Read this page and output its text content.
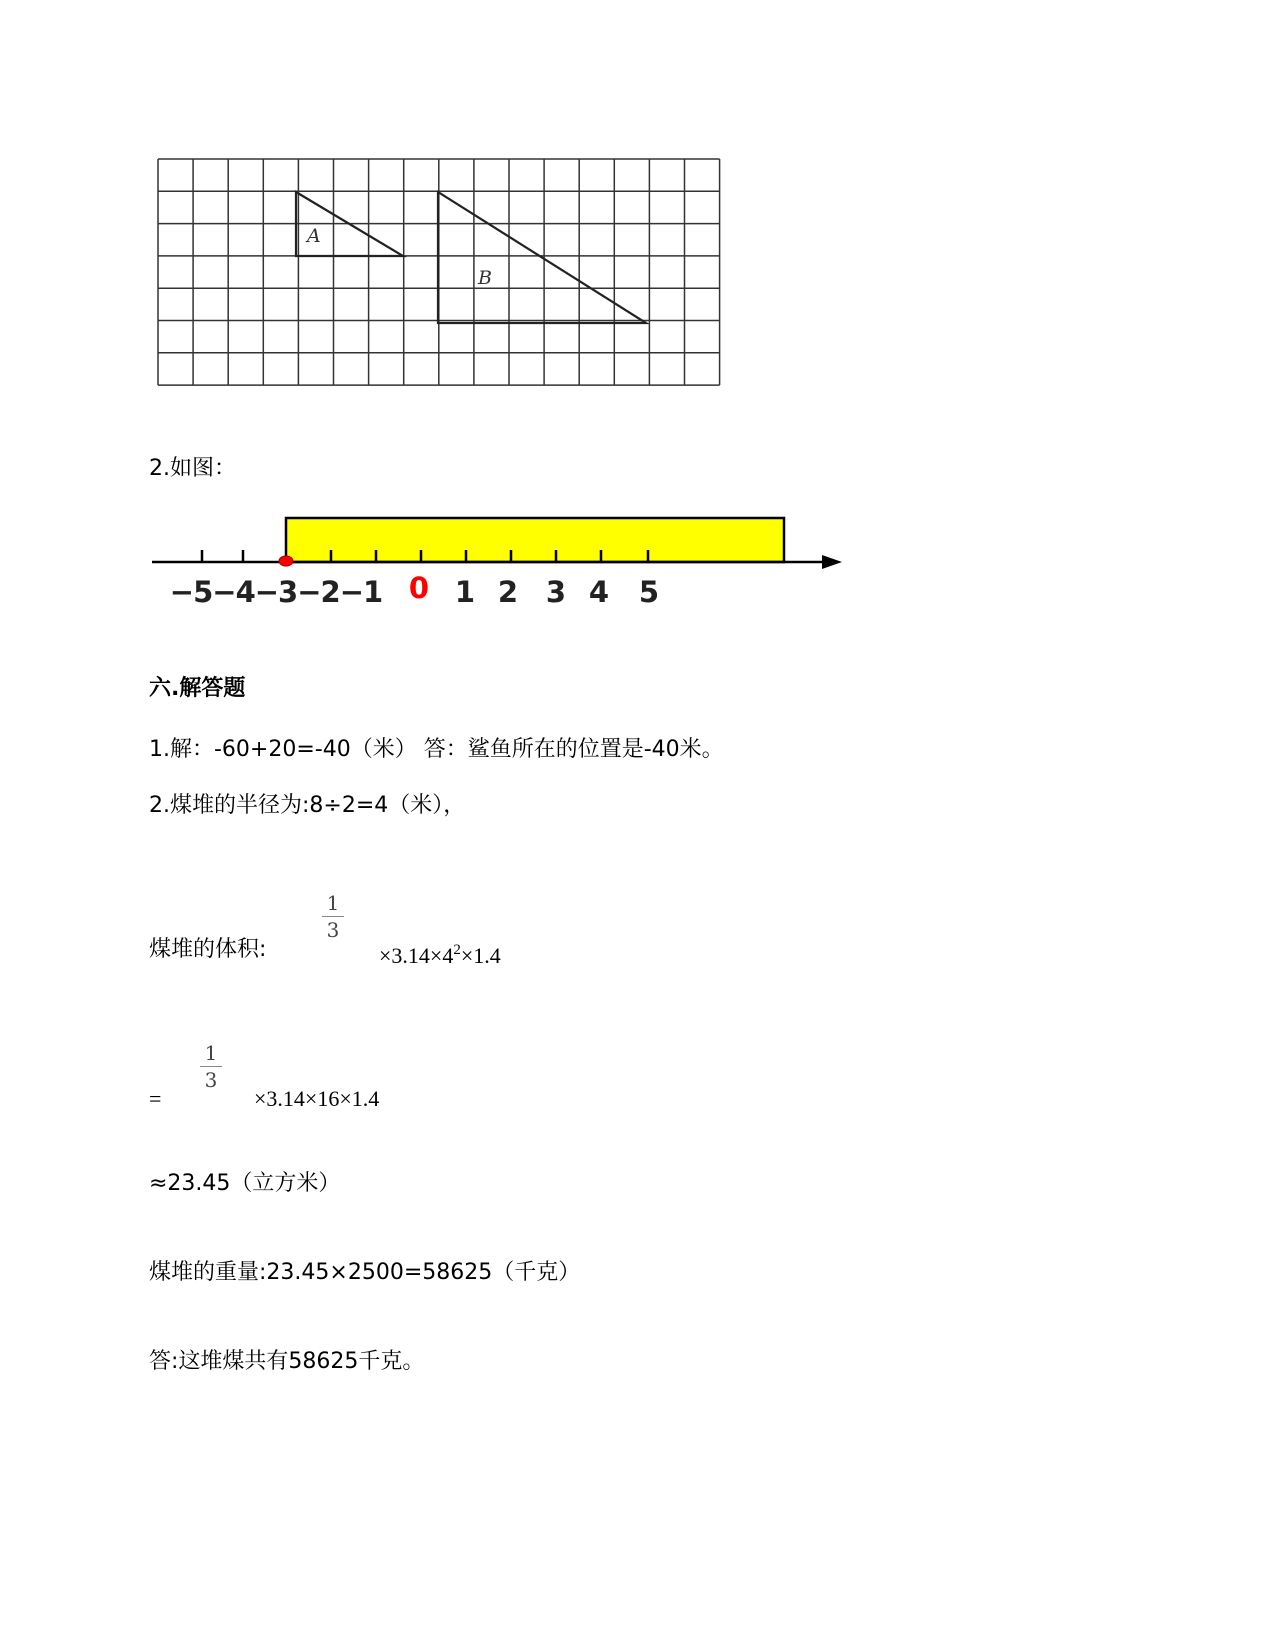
A
B
2.如图：
−5−4−3−2−1 0 1 2 3 4 5
六.解答题
1.解：-60+20=-40（米） 答：鲨鱼所在的位置是-40米。
2.煤堆的半径为:8÷2=4（米），
煤堆的体积:
1
3
$\times 3.14\times 4^2\times 1.4$
=
1
3
×3.14×16×1.4
≈23.45（立方米）
煤堆的重量:23.45×2500=58625（千克）
答:这堆煤共有58625千克。
